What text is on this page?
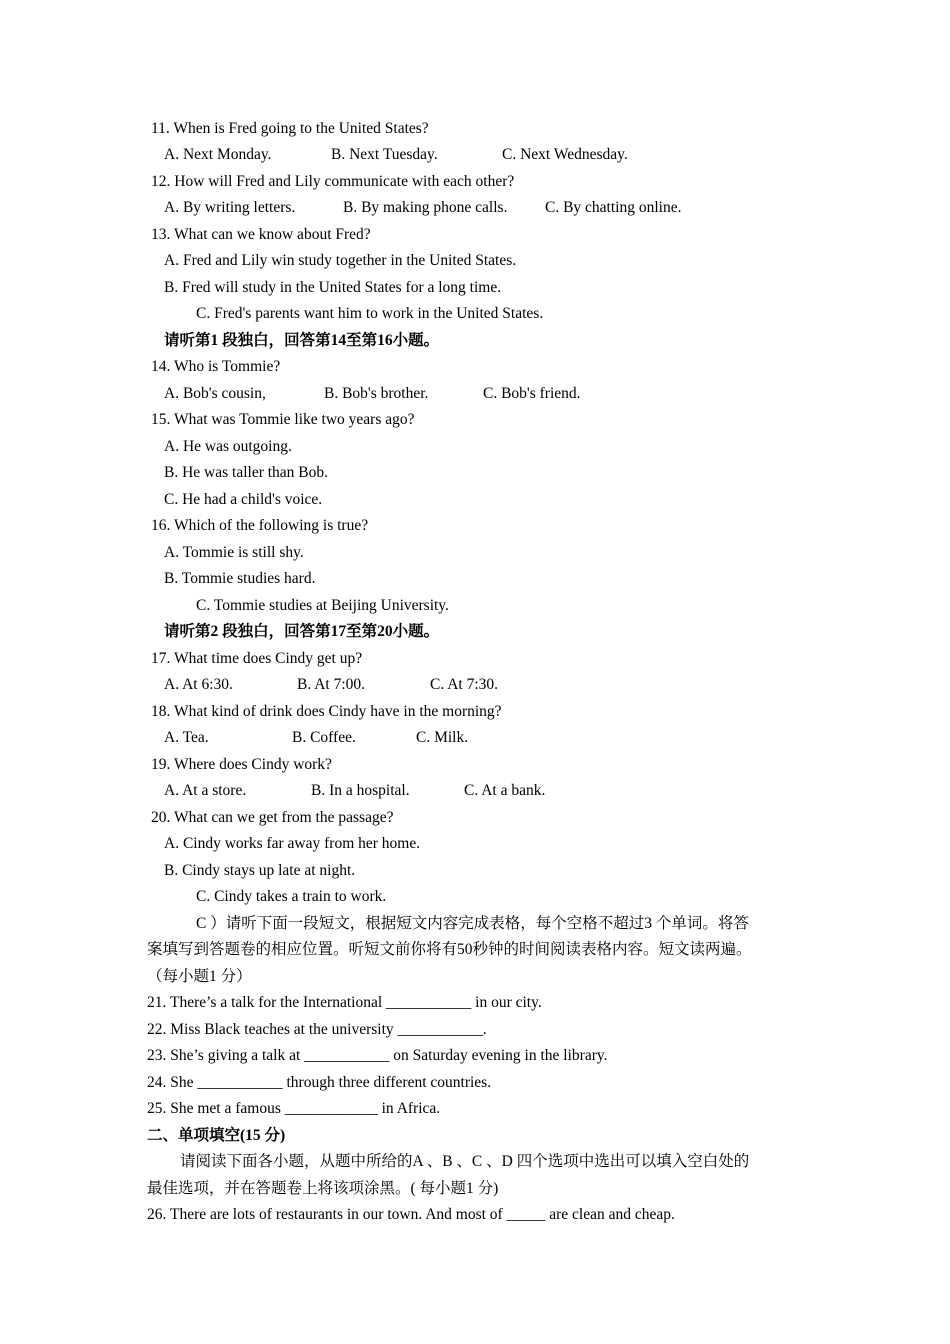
11. When is Fred going to the United States?
A. Next Monday.	B. Next Tuesday.	C. Next Wednesday.
12. How will Fred and Lily communicate with each other?
A. By writing letters.	B. By making phone calls. C. By chatting online.
13. What can we know about Fred?
A. Fred and Lily win study together in the United States.
B. Fred will study in the United States for a long time.
C. Fred's parents want him to work in the United States.
请听第1 段独白，回答第14至第16小题。
14. Who is Tommie?
A. Bob's cousin,	B. Bob's brother.	C. Bob's friend.
15. What was Tommie like two years ago?
A. He was outgoing.
B. He was taller than Bob.
C. He had a child's voice.
16. Which of the following is true?
A. Tommie is still shy.
B. Tommie studies hard.
C. Tommie studies at Beijing University.
请听第2 段独白，回答第17至第20小题。
17. What time does Cindy get up?
A. At 6:30.	B. At 7:00.	C. At 7:30.
18. What kind of drink does Cindy have in the morning?
A. Tea.	B. Coffee.	C. Milk.
19. Where does Cindy work?
A. At a store.	B. In a hospital.	C. At a bank.
20. What can we get from the passage?
A. Cindy works far away from her home.
B. Cindy stays up late at night.
C. Cindy takes a train to work.
C ）请听下面一段短文，根据短文内容完成表格，每个空格不超过3 个单词。将答
案填写到答题卷的相应位置。听短文前你将有50秒钟的时间阅读表格内容。短文读两遍。
（每小题1 分）
21. There’s a talk for the International ___________ in our city.
22. Miss Black teaches at the university ___________.
23. She’s giving a talk at ___________ on Saturday evening in the library.
24. She ___________ through three different countries.
25. She met a famous ____________ in Africa.
二、单项填空(15 分)
请阅读下面各小题，从题中所给的A 、B 、C 、D 四个选项中选出可以填入空白处的
最佳选项，并在答题卷上将该项涂黑。( 每小题1 分)
26. There are lots of restaurants in our town. And most of _____ are clean and cheap.
